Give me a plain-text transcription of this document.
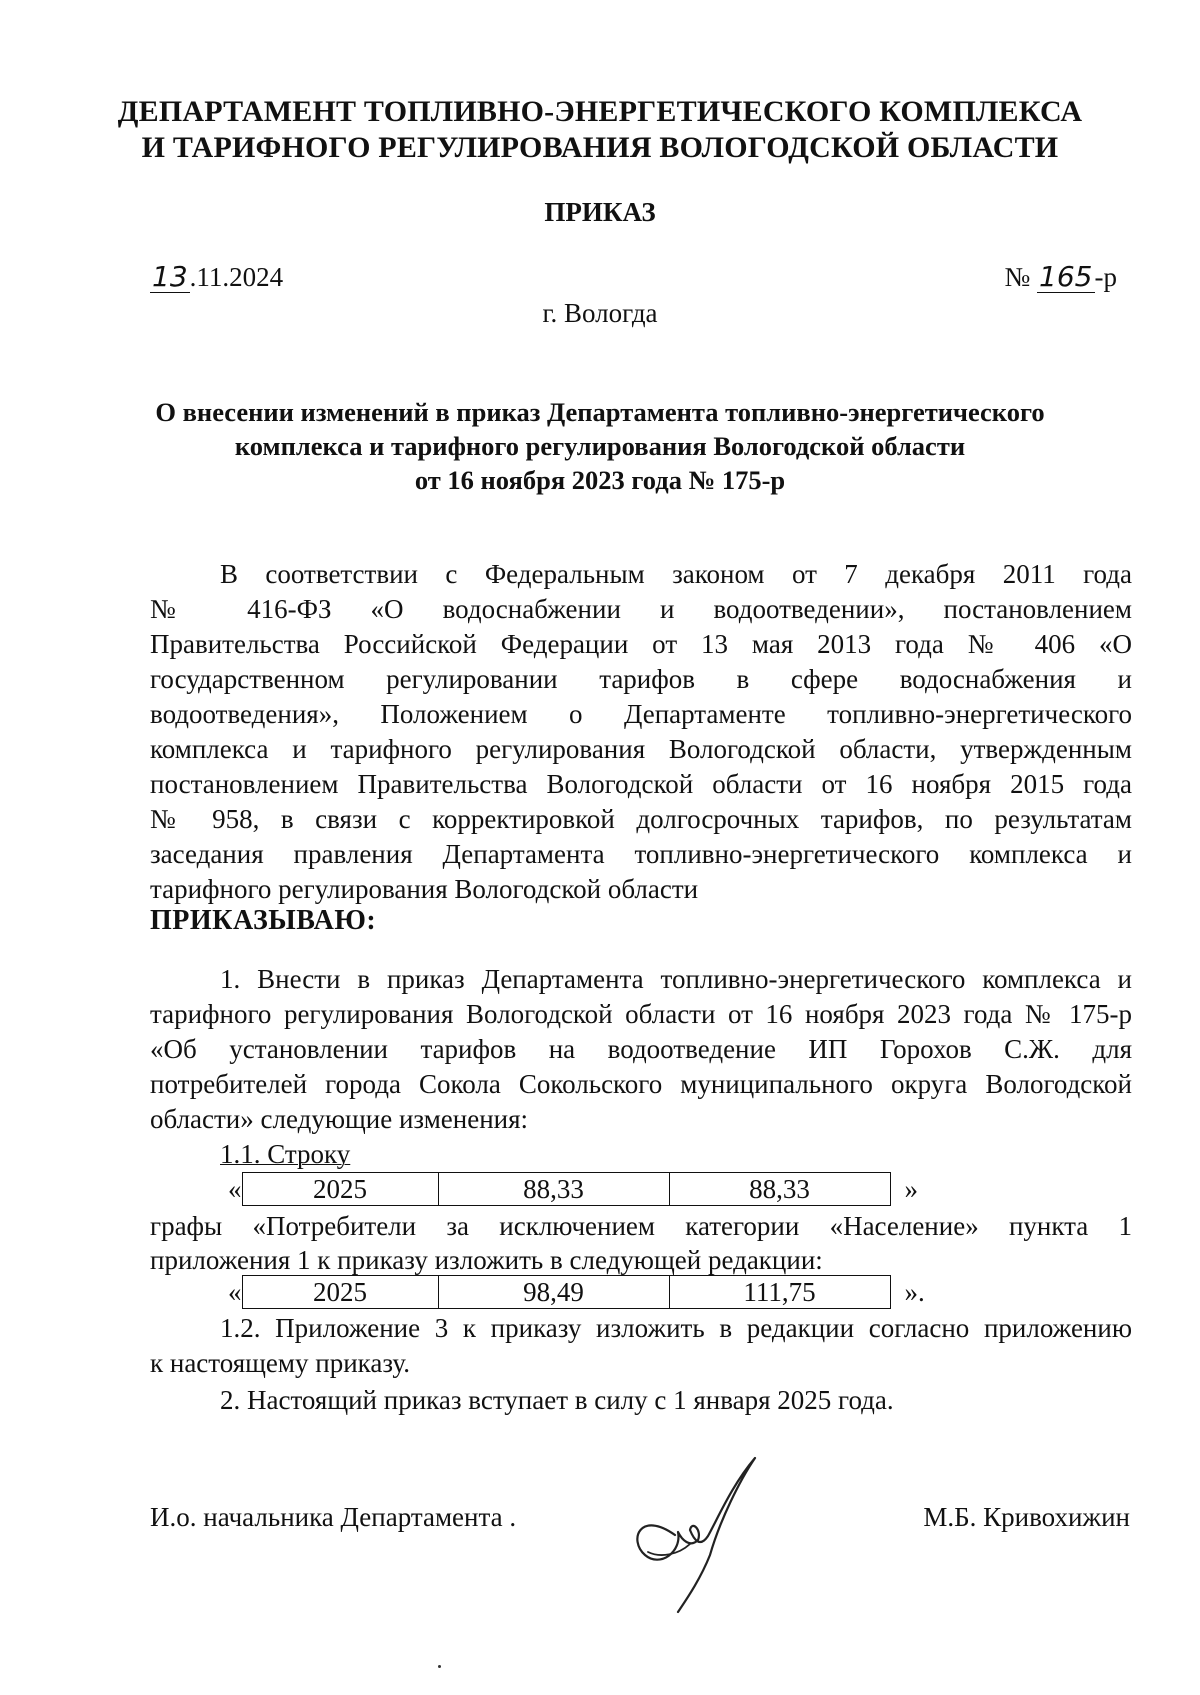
ДЕПАРТАМЕНТ ТОПЛИВНО-ЭНЕРГЕТИЧЕСКОГО КОМПЛЕКСА
И ТАРИФНОГО РЕГУЛИРОВАНИЯ ВОЛОГОДСКОЙ ОБЛАСТИ
ПРИКАЗ
13.11.2024	№ 165-р
г. Вологда
О внесении изменений в приказ Департамента топливно-энергетического
комплекса и тарифного регулирования Вологодской области
от 16 ноября 2023 года № 175-р
В соответствии с Федеральным законом от 7 декабря 2011 года
№ 416-ФЗ «О водоснабжении и водоотведении», постановлением
Правительства Российской Федерации от 13 мая 2013 года № 406 «О
государственном регулировании тарифов в сфере водоснабжения и
водоотведения», Положением о Департаменте топливно-энергетического
комплекса и тарифного регулирования Вологодской области, утвержденным
постановлением Правительства Вологодской области от 16 ноября 2015 года
№ 958, в связи с корректировкой долгосрочных тарифов, по результатам
заседания правления Департамента топливно-энергетического комплекса и
тарифного регулирования Вологодской области
ПРИКАЗЫВАЮ:
1. Внести в приказ Департамента топливно-энергетического комплекса и
тарифного регулирования Вологодской области от 16 ноября 2023 года № 175-р
«Об установлении тарифов на водоотведение ИП Горохов С.Ж. для
потребителей города Сокола Сокольского муниципального округа Вологодской
области» следующие изменения:
1.1. Строку
«	2025	88,33	88,33	»
графы «Потребители за исключением категории «Население» пункта 1
приложения 1 к приказу изложить в следующей редакции:
«	2025	98,49	111,75	».
1.2. Приложение 3 к приказу изложить в редакции согласно приложению
к настоящему приказу.
2. Настоящий приказ вступает в силу с 1 января 2025 года.
И.о. начальника Департамента .	М.Б. Кривохижин
